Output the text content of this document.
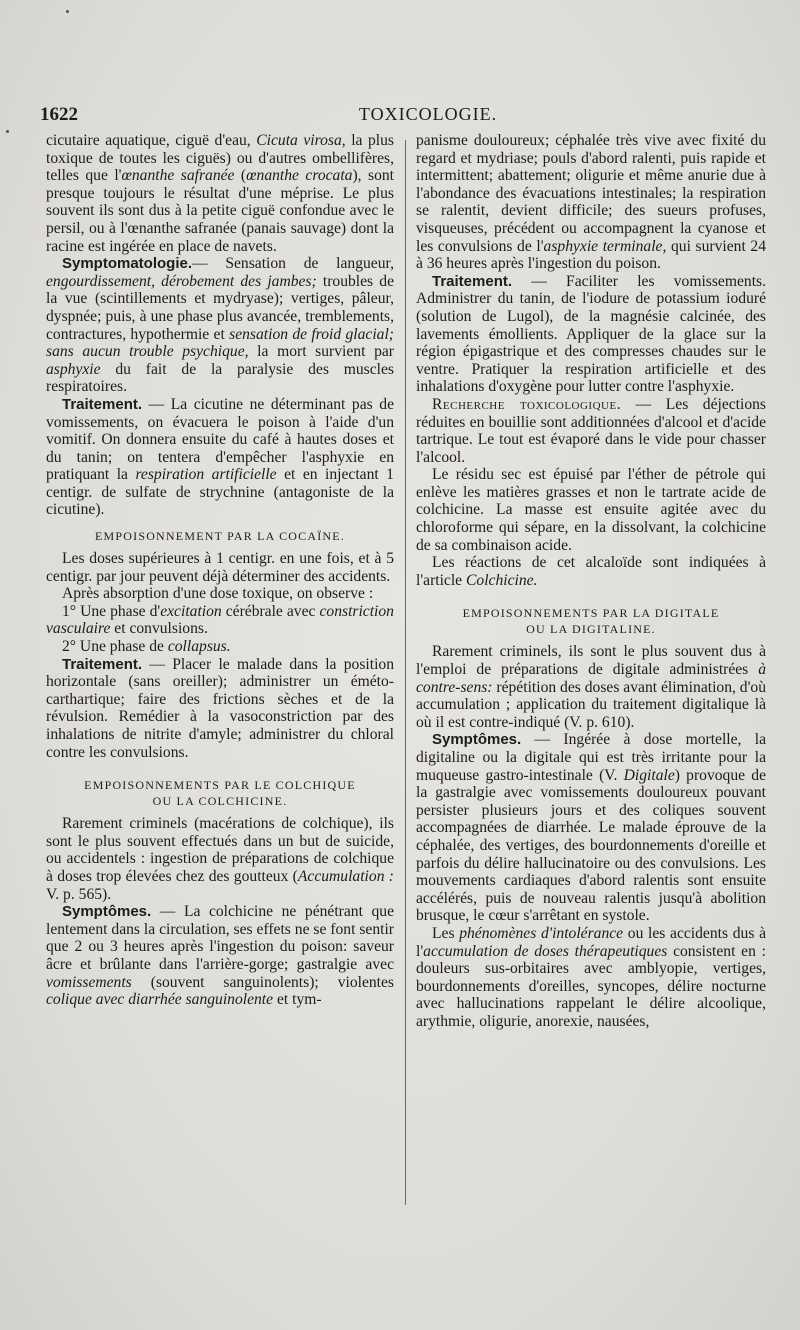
1622	TOXICOLOGIE.

cicutaire aquatique, ciguë d'eau, Cicuta virosa, la plus toxique de toutes les ciguës) ou d'autres ombellifères, telles que l'œnanthe safranée (œnanthe crocata), sont presque toujours le résultat d'une méprise. Le plus souvent ils sont dus à la petite ciguë confondue avec le persil, ou à l'œnanthe safranée (panais sauvage) dont la racine est ingérée en place de navets.

Symptomatologie.— Sensation de langueur, engourdissement, dérobement des jambes; troubles de la vue (scintillements et mydryase); vertiges, pâleur, dyspnée; puis, à une phase plus avancée, tremblements, contractures, hypothermie et sensation de froid glacial; sans aucun trouble psychique, la mort survient par asphyxie du fait de la paralysie des muscles respiratoires.

Traitement. — La cicutine ne déterminant pas de vomissements, on évacuera le poison à l'aide d'un vomitif. On donnera ensuite du café à hautes doses et du tanin; on tentera d'empêcher l'asphyxie en pratiquant la respiration artificielle et en injectant 1 centigr. de sulfate de strychnine (antagoniste de la cicutine).

EMPOISONNEMENT PAR LA COCAÏNE.

Les doses supérieures à 1 centigr. en une fois, et à 5 centigr. par jour peuvent déjà déterminer des accidents.

Après absorption d'une dose toxique, on observe :

1° Une phase d'excitation cérébrale avec constriction vasculaire et convulsions.

2° Une phase de collapsus.

Traitement. — Placer le malade dans la position horizontale (sans oreiller); administrer un éméto-carthartique; faire des frictions sèches et de la révulsion. Remédier à la vasoconstriction par des inhalations de nitrite d'amyle; administrer du chloral contre les convulsions.

EMPOISONNEMENTS PAR LE COLCHIQUE
OU LA COLCHICINE.

Rarement criminels (macérations de colchique), ils sont le plus souvent effectués dans un but de suicide, ou accidentels : ingestion de préparations de colchique à doses trop élevées chez des goutteux (Accumulation : V. p. 565).

Symptômes. — La colchicine ne pénétrant que lentement dans la circulation, ses effets ne se font sentir que 2 ou 3 heures après l'ingestion du poison: saveur âcre et brûlante dans l'arrière-gorge; gastralgie avec vomissements (souvent sanguinolents); violentes colique avec diarrhée sanguinolente et tym-

panisme douloureux; céphalée très vive avec fixité du regard et mydriase; pouls d'abord ralenti, puis rapide et intermittent; abattement; oligurie et même anurie due à l'abondance des évacuations intestinales; la respiration se ralentit, devient difficile; des sueurs profuses, visqueuses, précédent ou accompagnent la cyanose et les convulsions de l'asphyxie terminale, qui survient 24 à 36 heures après l'ingestion du poison.

Traitement. — Faciliter les vomissements. Administrer du tanin, de l'iodure de potassium ioduré (solution de Lugol), de la magnésie calcinée, des lavements émollients. Appliquer de la glace sur la région épigastrique et des compresses chaudes sur le ventre. Pratiquer la respiration artificielle et des inhalations d'oxygène pour lutter contre l'asphyxie.

Recherche toxicologique. — Les déjections réduites en bouillie sont additionnées d'alcool et d'acide tartrique. Le tout est évaporé dans le vide pour chasser l'alcool.

Le résidu sec est épuisé par l'éther de pétrole qui enlève les matières grasses et non le tartrate acide de colchicine. La masse est ensuite agitée avec du chloroforme qui sépare, en la dissolvant, la colchicine de sa combinaison acide.

Les réactions de cet alcaloïde sont indiquées à l'article Colchicine.

EMPOISONNEMENTS PAR LA DIGITALE
OU LA DIGITALINE.

Rarement criminels, ils sont le plus souvent dus à l'emploi de préparations de digitale administrées à contre-sens: répétition des doses avant élimination, d'où accumulation ; application du traitement digitalique là où il est contre-indiqué (V. p. 610).

Symptômes. — Ingérée à dose mortelle, la digitaline ou la digitale qui est très irritante pour la muqueuse gastro-intestinale (V. Digitale) provoque de la gastralgie avec vomissements douloureux pouvant persister plusieurs jours et des coliques souvent accompagnées de diarrhée. Le malade éprouve de la céphalée, des vertiges, des bourdonnements d'oreille et parfois du délire hallucinatoire ou des convulsions. Les mouvements cardiaques d'abord ralentis sont ensuite accélérés, puis de nouveau ralentis jusqu'à abolition brusque, le cœur s'arrêtant en systole.

Les phénomènes d'intolérance ou les accidents dus à l'accumulation de doses thérapeutiques consistent en : douleurs sus-orbitaires avec amblyopie, vertiges, bourdonnements d'oreilles, syncopes, délire nocturne avec hallucinations rappelant le délire alcoolique, arythmie, oligurie, anorexie, nausées,
